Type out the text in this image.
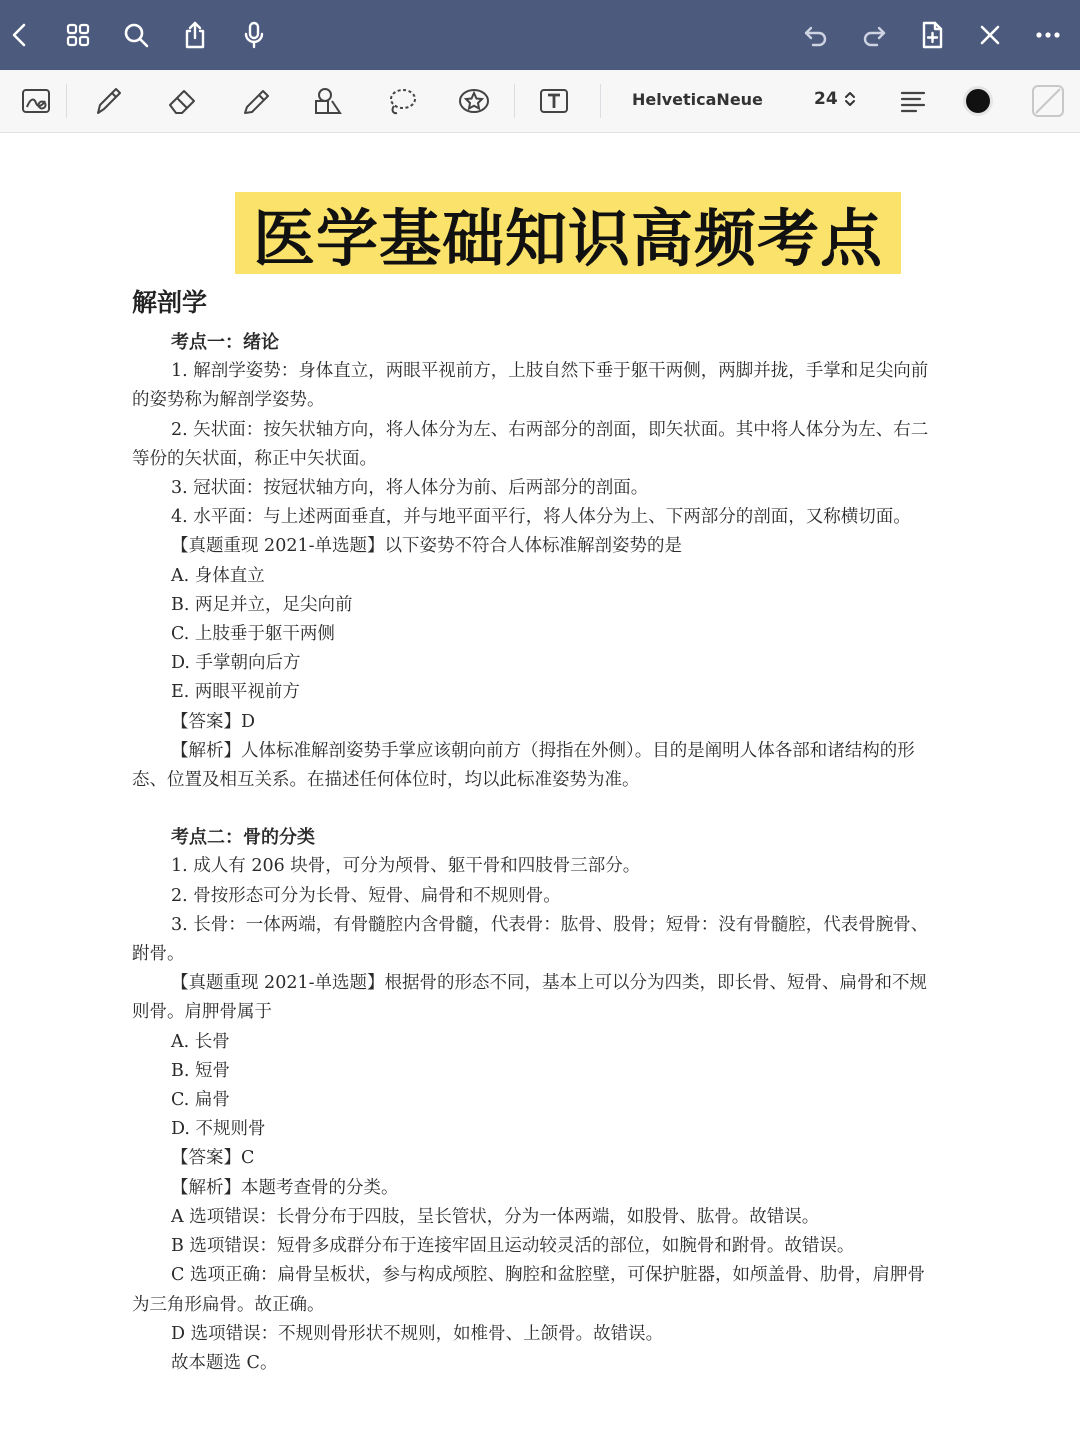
HelveticaNeue	24
医学基础知识高频考点
解剖学

考点一：绪论

1. 解剖学姿势：身体直立，两眼平视前方，上肢自然下垂于躯干两侧，两脚并拢，手掌和足尖向前的姿势称为解剖学姿势。

2. 矢状面：按矢状轴方向，将人体分为左、右两部分的剖面，即矢状面。其中将人体分为左、右二等份的矢状面，称正中矢状面。

3. 冠状面：按冠状轴方向，将人体分为前、后两部分的剖面。

4. 水平面：与上述两面垂直，并与地平面平行，将人体分为上、下两部分的剖面，又称横切面。

【真题重现 2021-单选题】以下姿势不符合人体标准解剖姿势的是

A. 身体直立

B. 两足并立，足尖向前

C. 上肢垂于躯干两侧

D. 手掌朝向后方

E. 两眼平视前方

【答案】D

【解析】人体标准解剖姿势手掌应该朝向前方（拇指在外侧）。目的是阐明人体各部和诸结构的形态、位置及相互关系。在描述任何体位时，均以此标准姿势为准。

考点二：骨的分类

1. 成人有 206 块骨，可分为颅骨、躯干骨和四肢骨三部分。

2. 骨按形态可分为长骨、短骨、扁骨和不规则骨。

3. 长骨：一体两端，有骨髓腔内含骨髓，代表骨：肱骨、股骨；短骨：没有骨髓腔，代表骨腕骨、跗骨。

【真题重现 2021-单选题】根据骨的形态不同，基本上可以分为四类，即长骨、短骨、扁骨和不规则骨。肩胛骨属于

A. 长骨

B. 短骨

C. 扁骨

D. 不规则骨

【答案】C

【解析】本题考查骨的分类。

A 选项错误：长骨分布于四肢，呈长管状，分为一体两端，如股骨、肱骨。故错误。

B 选项错误：短骨多成群分布于连接牢固且运动较灵活的部位，如腕骨和跗骨。故错误。

C 选项正确：扁骨呈板状，参与构成颅腔、胸腔和盆腔壁，可保护脏器，如颅盖骨、肋骨，肩胛骨为三角形扁骨。故正确。

D 选项错误：不规则骨形状不规则，如椎骨、上颌骨。故错误。

故本题选 C。
